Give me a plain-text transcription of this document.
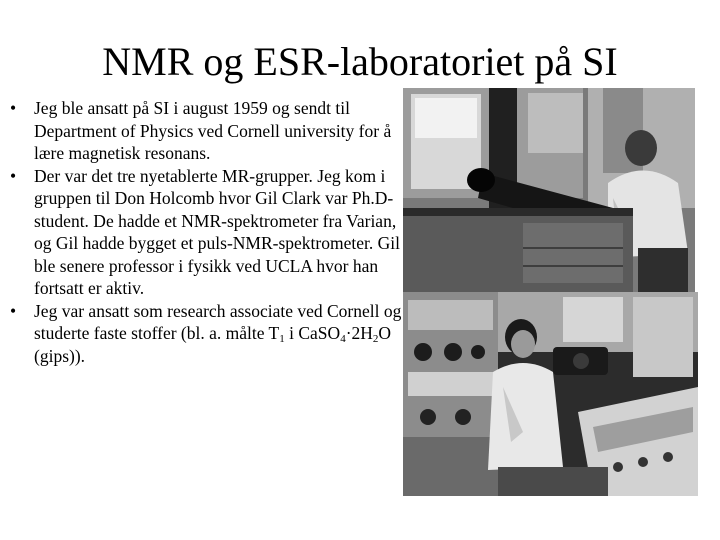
NMR og ESR-laboratoriet på SI
•	Jeg ble ansatt på SI i august 1959 og sendt til Department of Physics ved Cornell university for å lære magnetisk resonans.
•	Der var det tre nyetablerte MR-grupper. Jeg kom i gruppen til Don Holcomb hvor Gil Clark var Ph.D-student. De hadde et NMR-spektrometer fra Varian, og Gil hadde bygget et puls-NMR-spektrometer. Gil ble senere professor i fysikk ved UCLA hvor han fortsatt er aktiv.
•	Jeg var ansatt som research associate ved Cornell og studerte faste stoffer (bl. a. målte $T_1$ i $CaSO_4\cdot 2H_2O$ (gips)).
